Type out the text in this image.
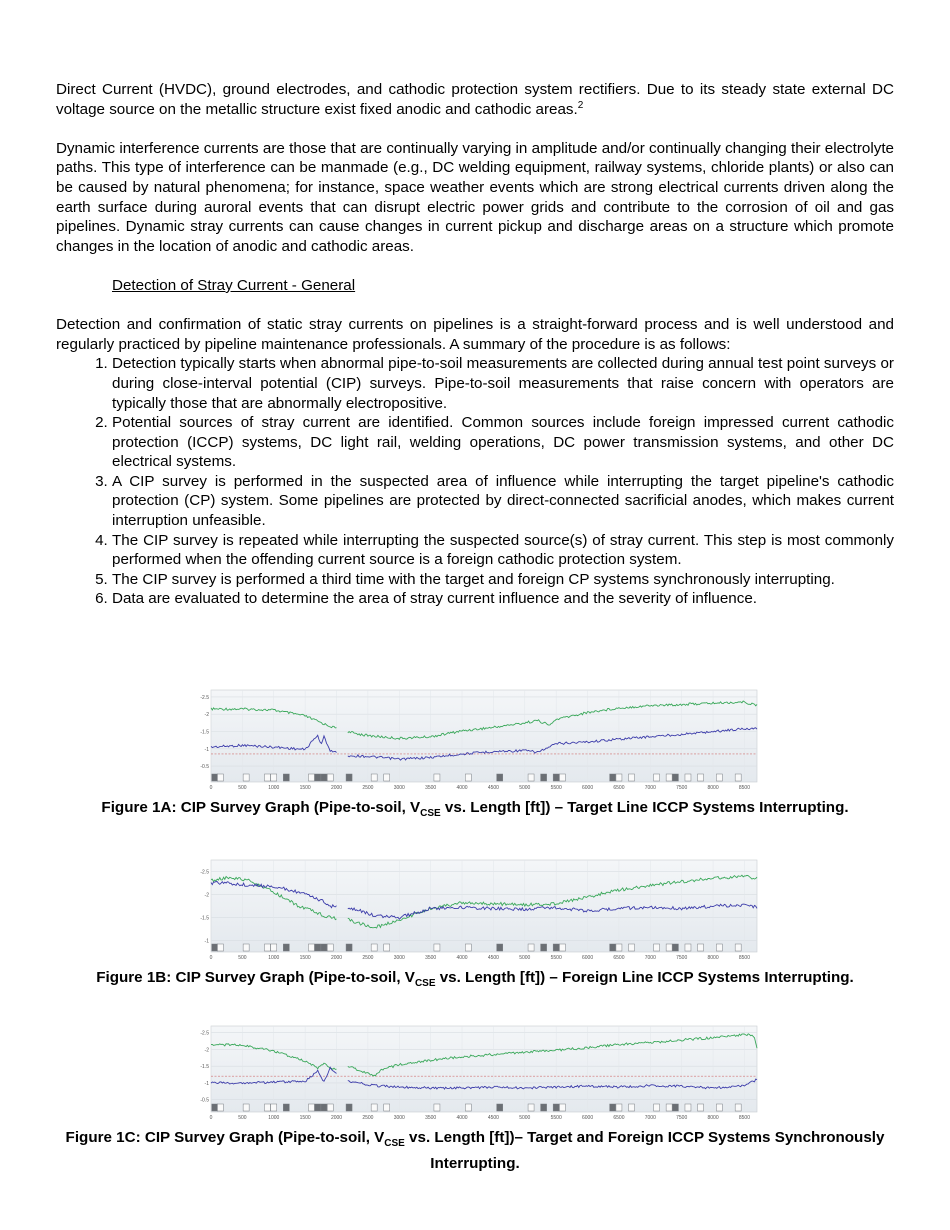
Direct Current (HVDC), ground electrodes, and cathodic protection system rectifiers. Due to its steady state external DC voltage source on the metallic structure exist fixed anodic and cathodic areas.$^2$

Dynamic interference currents are those that are continually varying in amplitude and/or continually changing their electrolyte paths. This type of interference can be manmade (e.g., DC welding equipment, railway systems, chloride plants) or also can be caused by natural phenomena; for instance, space weather events which are strong electrical currents driven along the earth surface during auroral events that can disrupt electric power grids and contribute to the corrosion of oil and gas pipelines. Dynamic stray currents can cause changes in current pickup and discharge areas on a structure which promote changes in the location of anodic and cathodic areas.

Detection of Stray Current - General

Detection and confirmation of static stray currents on pipelines is a straight-forward process and is well understood and regularly practiced by pipeline maintenance professionals. A summary of the procedure is as follows:

1. Detection typically starts when abnormal pipe-to-soil measurements are collected during annual test point surveys or during close-interval potential (CIP) surveys. Pipe-to-soil measurements that raise concern with operators are typically those that are abnormally electropositive.
2. Potential sources of stray current are identified. Common sources include foreign impressed current cathodic protection (ICCP) systems, DC light rail, welding operations, DC power transmission systems, and other DC electrical systems.
3. A CIP survey is performed in the suspected area of influence while interrupting the target pipeline's cathodic protection (CP) system. Some pipelines are protected by direct-connected sacrificial anodes, which makes current interruption unfeasible.
4. The CIP survey is repeated while interrupting the suspected source(s) of stray current. This step is most commonly performed when the offending current source is a foreign cathodic protection system.
5. The CIP survey is performed a third time with the target and foreign CP systems synchronously interrupting.
6. Data are evaluated to determine the area of stray current influence and the severity of influence.
-2.5
-2
-1.5
-1
-0.5
0	500	1000	1500	2000	2500	3000	3500	4000	4500	5000	5500	6000	6500	7000	7500	8000	8500
Figure 1A: CIP Survey Graph (Pipe-to-soil, $V_{CSE}$ vs. Length [ft]) – Target Line ICCP Systems Interrupting.
-2.5
-2
-1.5
-1
0	500	1000	1500	2000	2500	3000	3500	4000	4500	5000	5500	6000	6500	7000	7500	8000	8500
Figure 1B: CIP Survey Graph (Pipe-to-soil, $V_{CSE}$ vs. Length [ft]) – Foreign Line ICCP Systems Interrupting.
-2.5
-2
-1.5
-1
-0.5
0	500	1000	1500	2000	2500	3000	3500	4000	4500	5000	5500	6000	6500	7000	7500	8000	8500
Figure 1C: CIP Survey Graph (Pipe-to-soil, $V_{CSE}$ vs. Length [ft])– Target and Foreign ICCP Systems Synchronously Interrupting.
